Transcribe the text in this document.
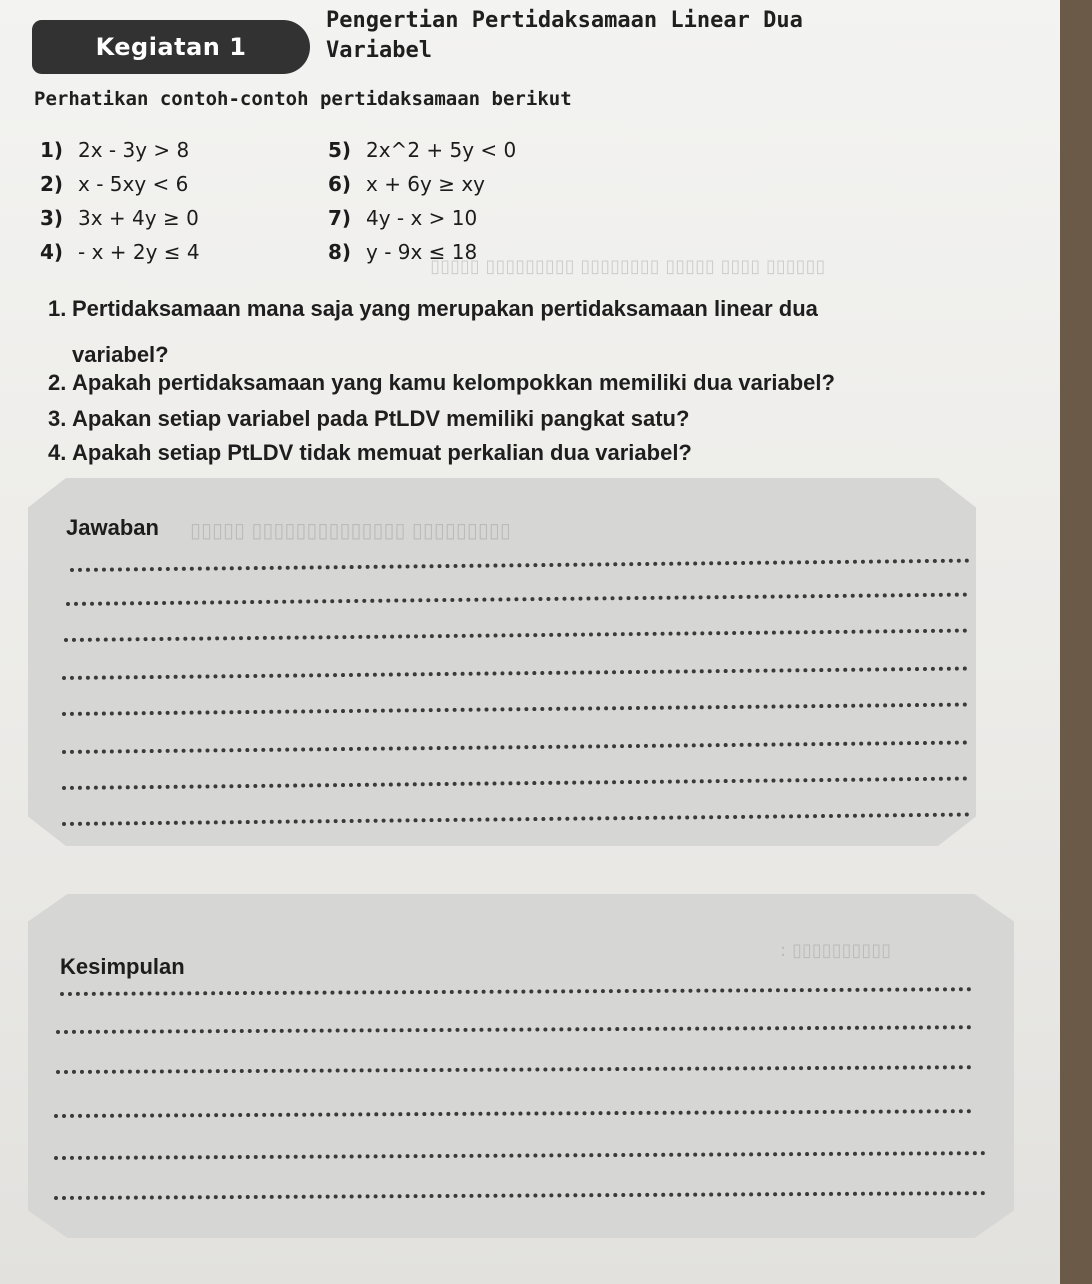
Kegiatan 1
Pengertian Pertidaksamaan Linear Dua
Variabel
Perhatikan contoh-contoh pertidaksamaan berikut
1) 2x - 3y > 8
2) x - 5xy < 6
3) 3x + 4y ≥ 0
4) - x + 2y ≤ 4
5) 2x^2 + 5y < 0
6) x + 6y ≥ xy
7) 4y - x > 10
8) y - 9x ≤ 18
▯▯▯▯▯▯ ▯▯▯▯ ▯▯▯▯▯ ▯▯▯▯▯▯▯▯ ▯▯▯▯▯▯▯▯▯ ▯▯▯▯▯
1. Pertidaksamaan mana saja yang merupakan pertidaksamaan linear dua
variabel?
2. Apakah pertidaksamaan yang kamu kelompokkan memiliki dua variabel?
3. Apakan setiap variabel pada PtLDV memiliki pangkat satu?
4. Apakah setiap PtLDV tidak memuat perkalian dua variabel?
Jawaban ▯▯▯▯▯▯▯▯▯ ▯▯▯▯▯▯▯▯▯▯▯▯▯▯ ▯▯▯▯▯
Kesimpulan
▯▯▯▯▯▯▯▯▯▯ :
